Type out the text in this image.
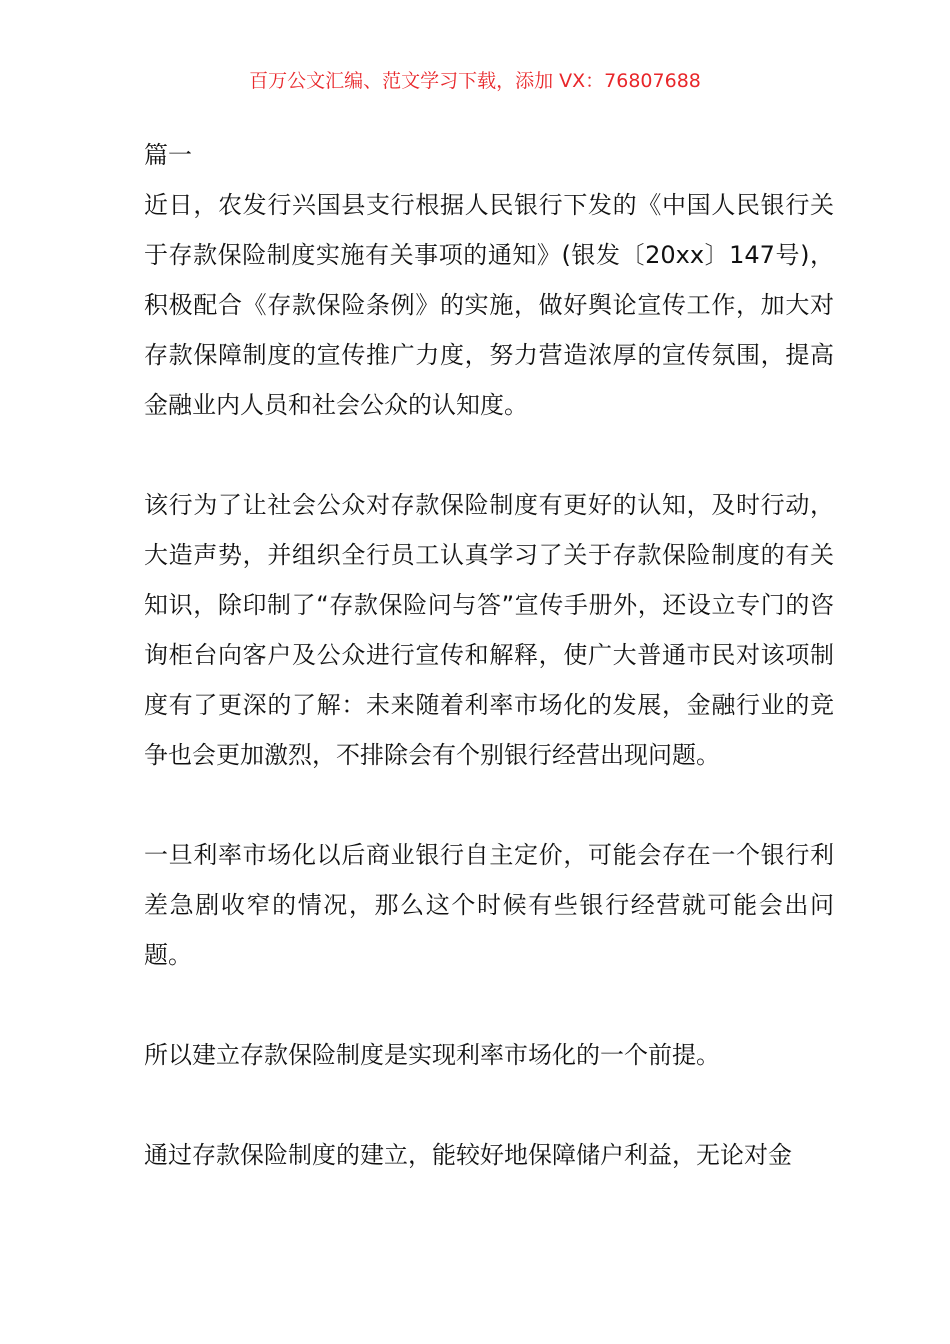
百万公文汇编、范文学习下载，添加 VX：76807688

篇一

近日，农发行兴国县支行根据人民银行下发的《中国人民银行关于存款保险制度实施有关事项的通知》(银发〔20xx〕147号)，积极配合《存款保险条例》的实施，做好舆论宣传工作，加大对存款保障制度的宣传推广力度，努力营造浓厚的宣传氛围，提高金融业内人员和社会公众的认知度。

该行为了让社会公众对存款保险制度有更好的认知，及时行动，大造声势，并组织全行员工认真学习了关于存款保险制度的有关知识，除印制了“存款保险问与答”宣传手册外，还设立专门的咨询柜台向客户及公众进行宣传和解释，使广大普通市民对该项制度有了更深的了解：未来随着利率市场化的发展，金融行业的竞争也会更加激烈，不排除会有个别银行经营出现问题。

一旦利率市场化以后商业银行自主定价，可能会存在一个银行利差急剧收窄的情况，那么这个时候有些银行经营就可能会出问题。

所以建立存款保险制度是实现利率市场化的一个前提。

通过存款保险制度的建立，能较好地保障储户利益，无论对金
